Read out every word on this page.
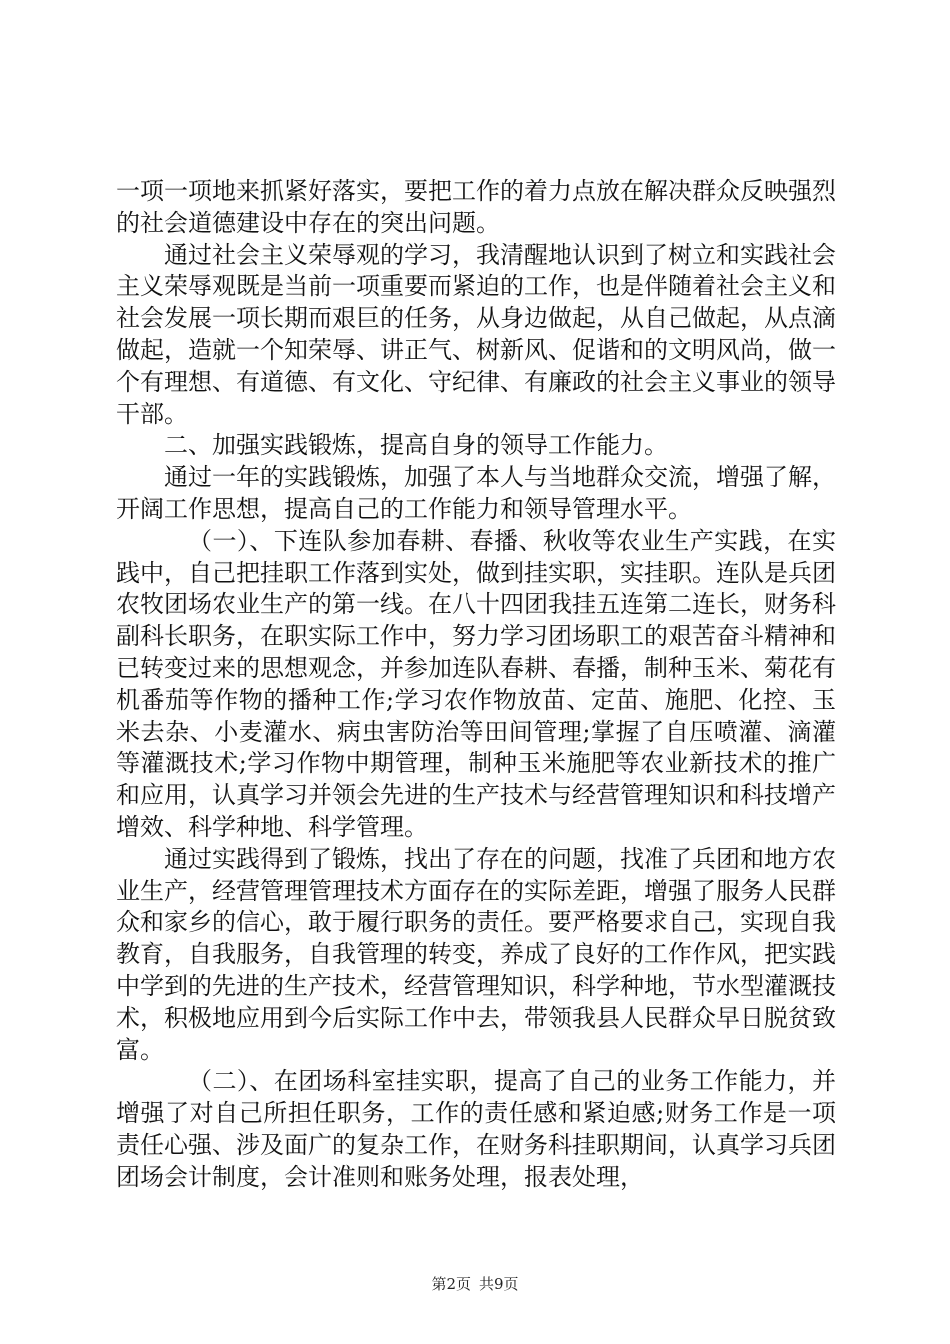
一项一项地来抓紧好落实，要把工作的着力点放在解决群众反映强烈的社会道德建设中存在的突出问题。

通过社会主义荣辱观的学习，我清醒地认识到了树立和实践社会主义荣辱观既是当前一项重要而紧迫的工作，也是伴随着社会主义和社会发展一项长期而艰巨的任务，从身边做起，从自己做起，从点滴做起，造就一个知荣辱、讲正气、树新风、促谐和的文明风尚，做一个有理想、有道德、有文化、守纪律、有廉政的社会主义事业的领导干部。

二、加强实践锻炼，提高自身的领导工作能力。

通过一年的实践锻炼，加强了本人与当地群众交流，增强了解，开阔工作思想，提高自己的工作能力和领导管理水平。

（一）、下连队参加春耕、春播、秋收等农业生产实践，在实践中，自己把挂职工作落到实处，做到挂实职，实挂职。连队是兵团农牧团场农业生产的第一线。在八十四团我挂五连第二连长，财务科副科长职务，在职实际工作中，努力学习团场职工的艰苦奋斗精神和已转变过来的思想观念，并参加连队春耕、春播，制种玉米、菊花有机番茄等作物的播种工作;学习农作物放苗、定苗、施肥、化控、玉米去杂、小麦灌水、病虫害防治等田间管理;掌握了自压喷灌、滴灌等灌溉技术;学习作物中期管理，制种玉米施肥等农业新技术的推广和应用，认真学习并领会先进的生产技术与经营管理知识和科技增产增效、科学种地、科学管理。

通过实践得到了锻炼，找出了存在的问题，找准了兵团和地方农业生产，经营管理管理技术方面存在的实际差距，增强了服务人民群众和家乡的信心，敢于履行职务的责任。要严格要求自己，实现自我教育，自我服务，自我管理的转变，养成了良好的工作作风，把实践中学到的先进的生产技术，经营管理知识，科学种地，节水型灌溉技术，积极地应用到今后实际工作中去，带领我县人民群众早日脱贫致富。

（二）、在团场科室挂实职，提高了自己的业务工作能力，并增强了对自己所担任职务，工作的责任感和紧迫感;财务工作是一项责任心强、涉及面广的复杂工作，在财务科挂职期间，认真学习兵团团场会计制度，会计准则和账务处理，报表处理，

第2页 共9页
